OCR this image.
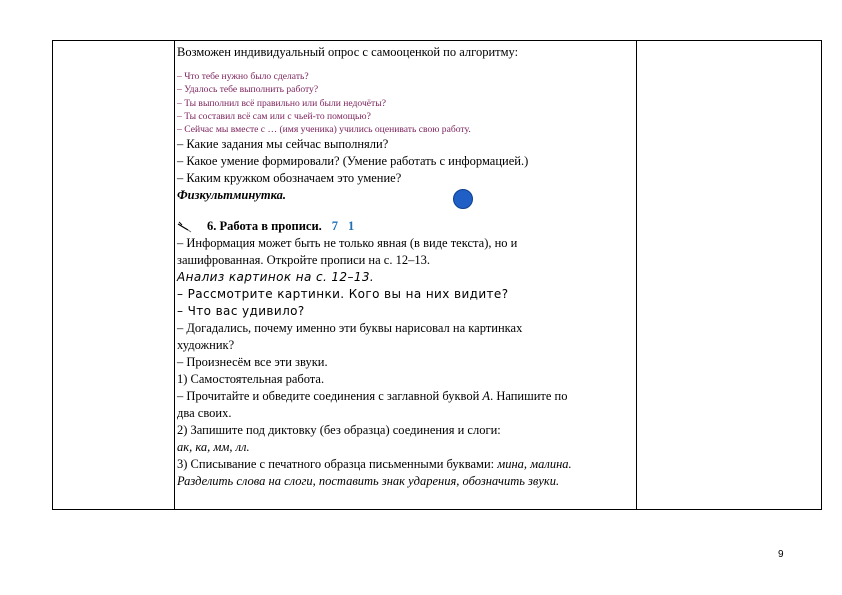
Возможен индивидуальный опрос с самооценкой по алгоритму:

– Что тебе нужно было сделать?

– Удалось тебе выполнить работу?

– Ты выполнил всё правильно или были недочёты?

– Ты составил всё сам или с чьей-то помощью?

– Сейчас мы вместе с … (имя ученика) учились оценивать свою работу.

– Какие задания мы сейчас выполняли?

– Какое умение формировали? (Умение работать с информацией.)

– Каким кружком обозначаем это умение?

Физкультминутка.

6. Работа в прописи. 7 1

– Информация может быть не только явная (в виде текста), но и

зашифрованная. Откройте прописи на с. 12–13.

Анализ картинок на с. 12–13.

– Рассмотрите картинки. Кого вы на них видите?

– Что вас удивило?

– Догадались, почему именно эти буквы нарисовал на картинках

художник?

– Произнесём все эти звуки.

1) Самостоятельная работа.

– Прочитайте и обведите соединения с заглавной буквой А. Напишите по

два своих.

2) Запишите под диктовку (без образца) соединения и слоги:

ак, ка, мм, лл.

3) Списывание с печатного образца письменными буквами: мина, малина.

Разделить слова на слоги, поставить знак ударения, обозначить звуки.

9
